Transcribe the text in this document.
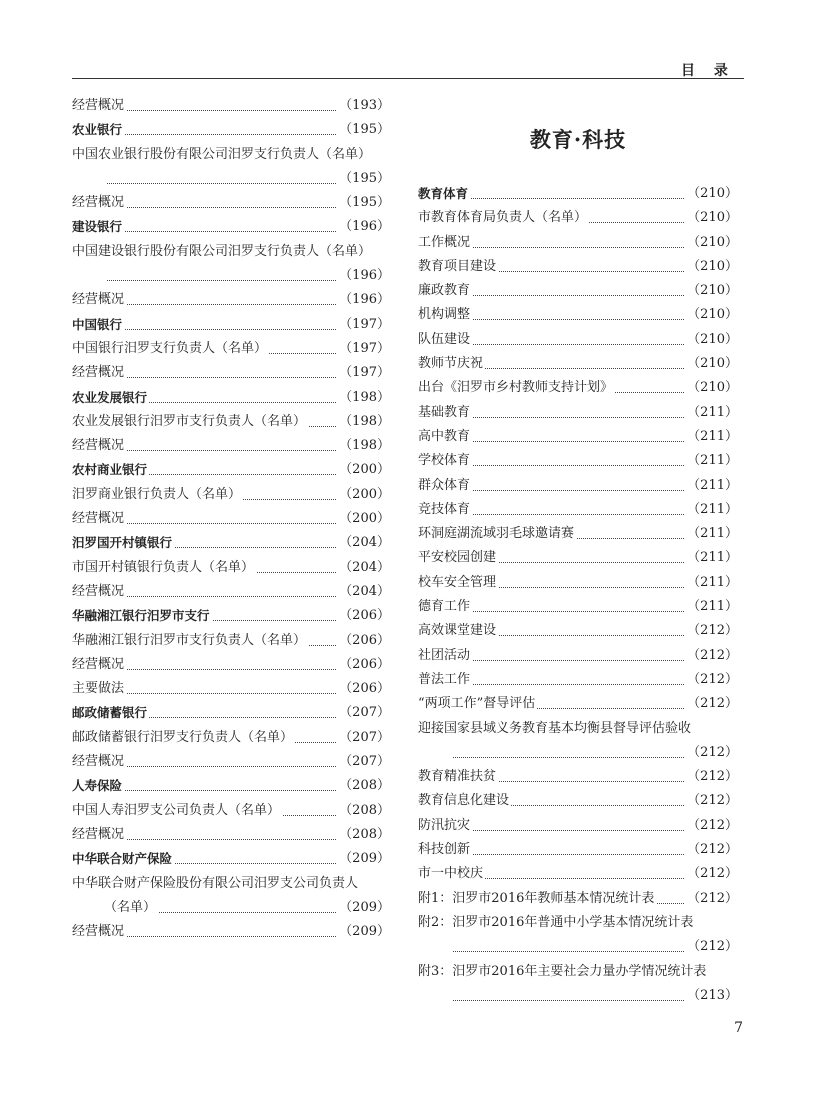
目 录
经营概况	（193）
农业银行	（195）
中国农业银行股份有限公司汨罗支行负责人（名单）
（195）
经营概况	（195）
建设银行	（196）
中国建设银行股份有限公司汨罗支行负责人（名单）
（196）
经营概况	（196）
中国银行	（197）
中国银行汨罗支行负责人（名单）	（197）
经营概况	（197）
农业发展银行	（198）
农业发展银行汨罗市支行负责人（名单）	（198）
经营概况	（198）
农村商业银行	（200）
汨罗商业银行负责人（名单）	（200）
经营概况	（200）
汨罗国开村镇银行	（204）
市国开村镇银行负责人（名单）	（204）
经营概况	（204）
华融湘江银行汨罗市支行	（206）
华融湘江银行汨罗市支行负责人（名单）	（206）
经营概况	（206）
主要做法	（206）
邮政储蓄银行	（207）
邮政储蓄银行汨罗支行负责人（名单）	（207）
经营概况	（207）
人寿保险	（208）
中国人寿汨罗支公司负责人（名单）	（208）
经营概况	（208）
中华联合财产保险	（209）
中华联合财产保险股份有限公司汨罗支公司负责人
（名单）	（209）
经营概况	（209）
教育·科技
教育体育	（210）
市教育体育局负责人（名单）	（210）
工作概况	（210）
教育项目建设	（210）
廉政教育	（210）
机构调整	（210）
队伍建设	（210）
教师节庆祝	（210）
出台《汨罗市乡村教师支持计划》	（210）
基础教育	（211）
高中教育	（211）
学校体育	（211）
群众体育	（211）
竞技体育	（211）
环洞庭湖流域羽毛球邀请赛	（211）
平安校园创建	（211）
校车安全管理	（211）
德育工作	（211）
高效课堂建设	（212）
社团活动	（212）
普法工作	（212）
“两项工作”督导评估	（212）
迎接国家县域义务教育基本均衡县督导评估验收
（212）
教育精准扶贫	（212）
教育信息化建设	（212）
防汛抗灾	（212）
科技创新	（212）
市一中校庆	（212）
附1：汨罗市2016年教师基本情况统计表	（212）
附2：汨罗市2016年普通中小学基本情况统计表
（212）
附3：汨罗市2016年主要社会力量办学情况统计表
（213）
7
